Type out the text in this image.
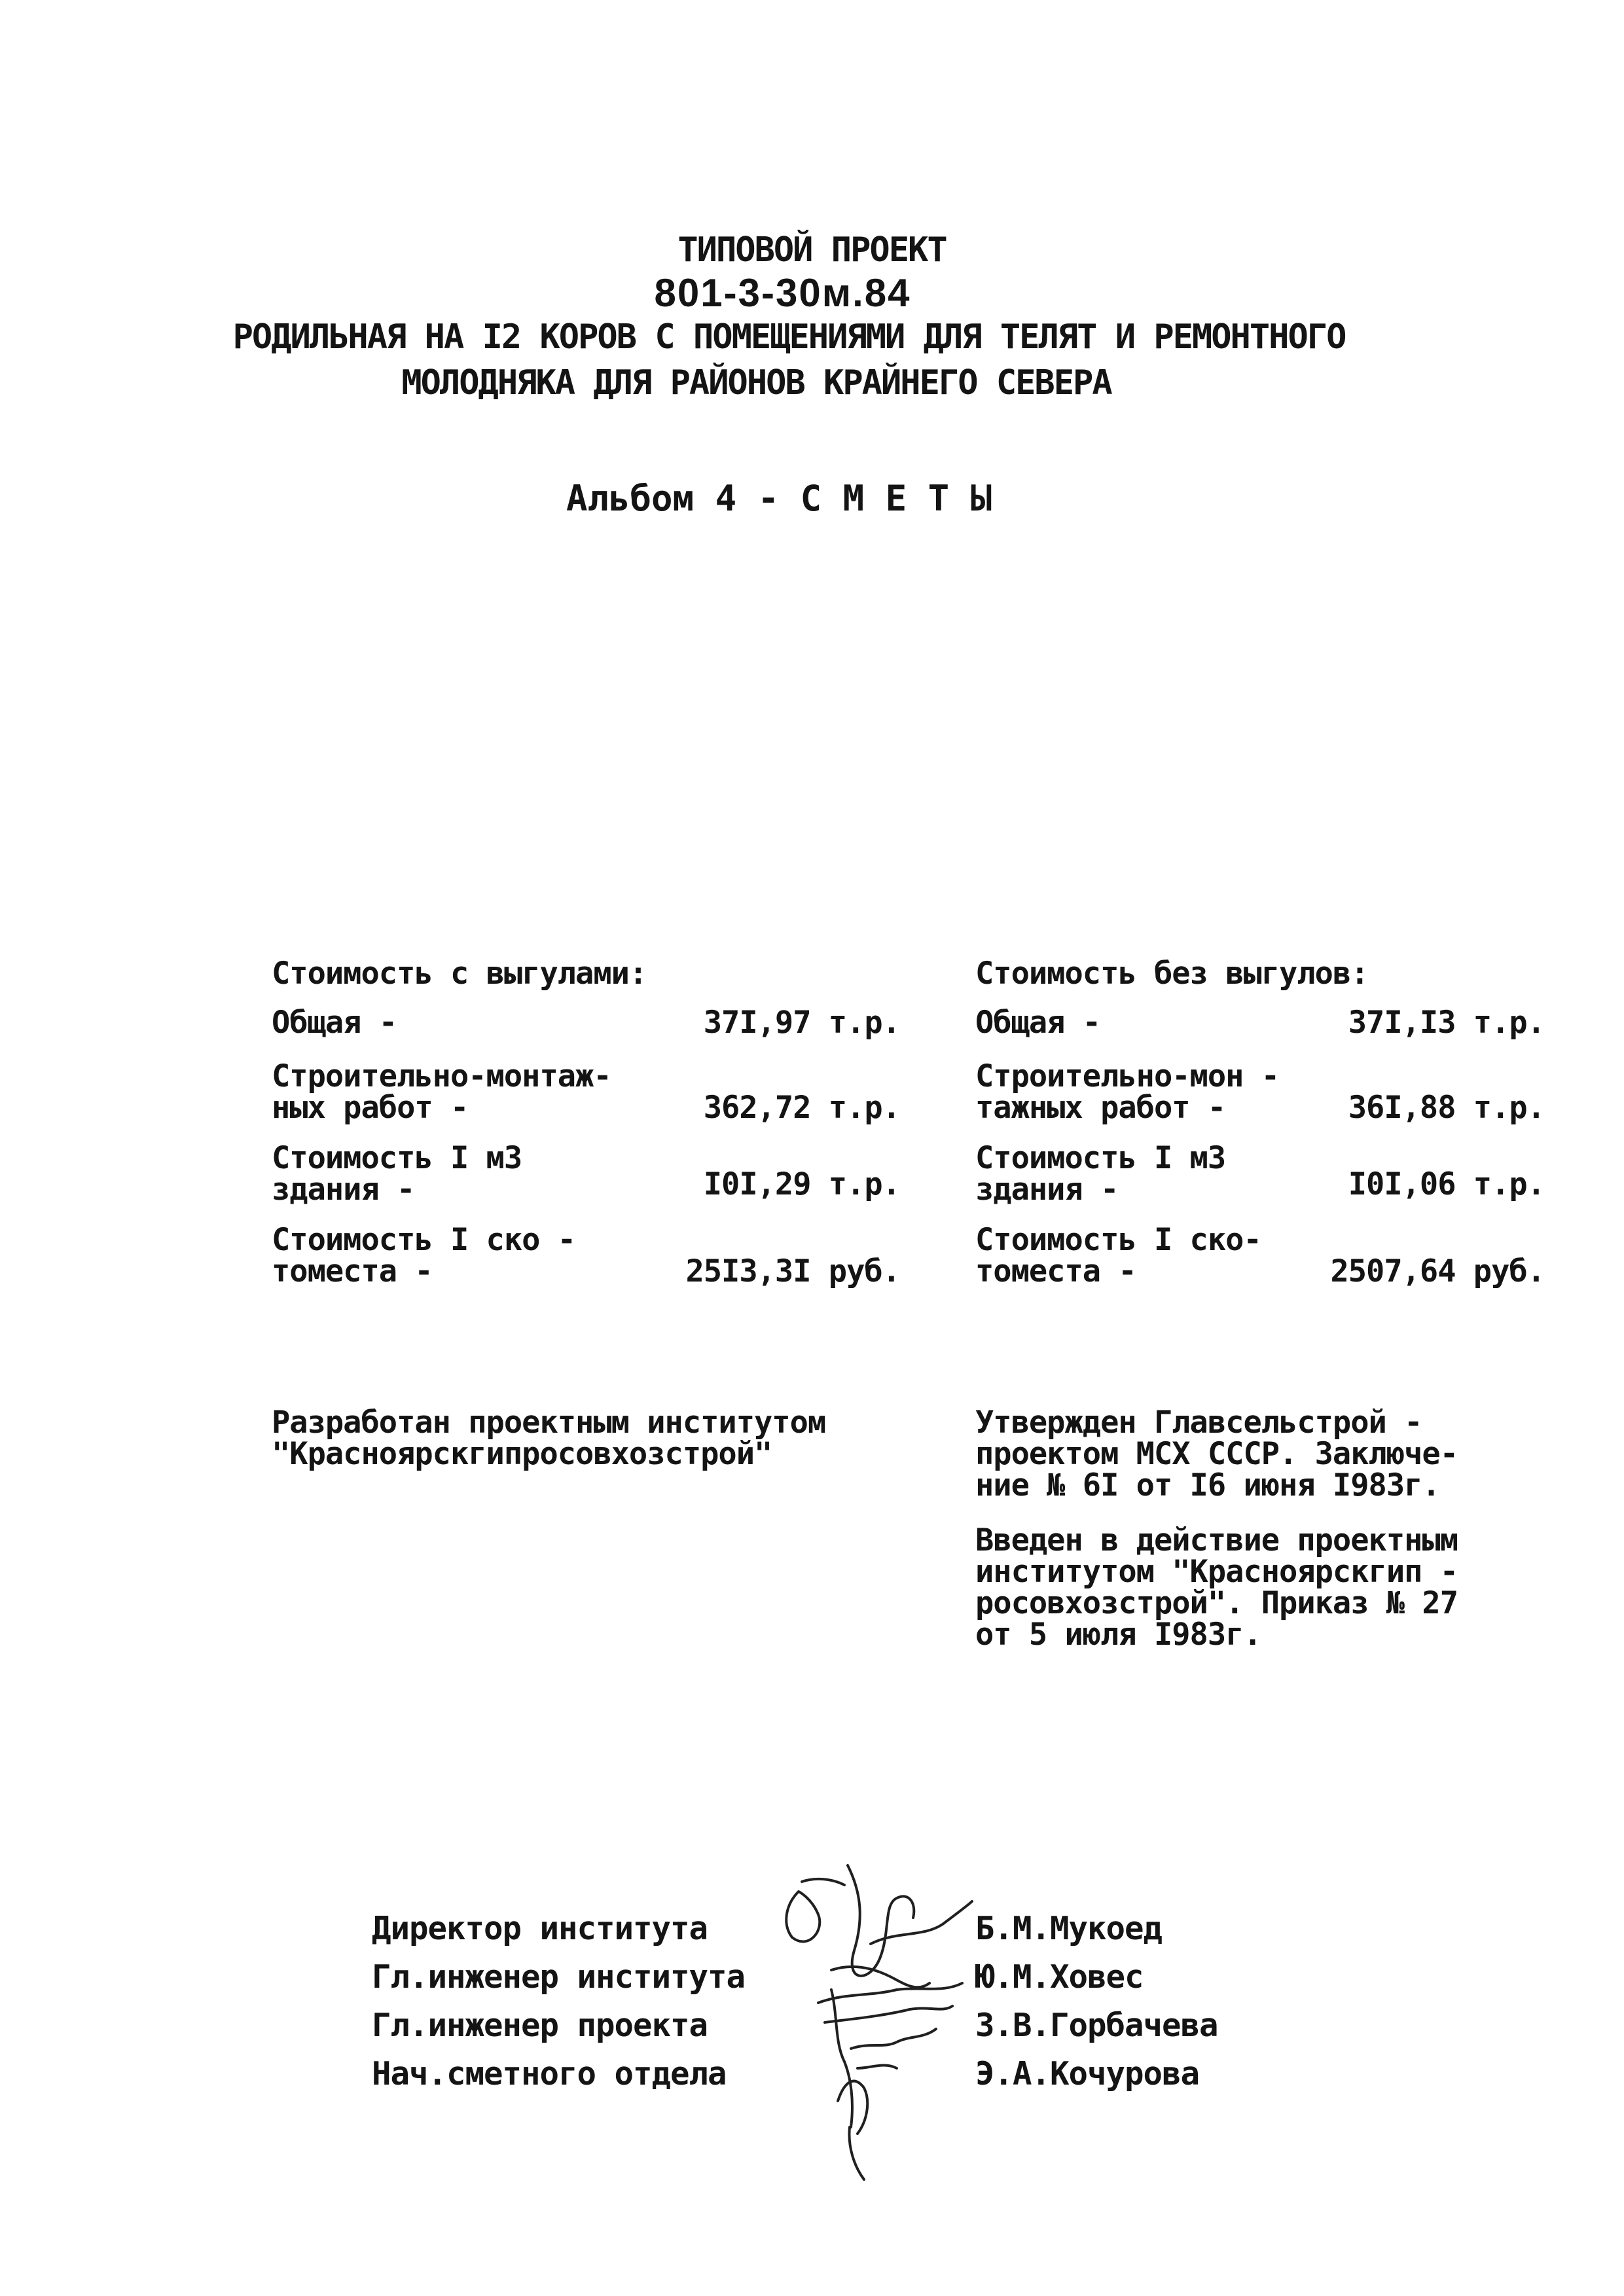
ТИПОВОЙ ПРОЕКТ
801-3-30м.84
РОДИЛЬНАЯ НА I2 КОРОВ С ПОМЕЩЕНИЯМИ ДЛЯ ТЕЛЯТ И РЕМОНТНОГО
МОЛОДНЯКА ДЛЯ РАЙОНОВ КРАЙНЕГО СЕВЕРА
Альбом 4 - С М Е Т Ы
Стоимость с выгулами:
Общая -	37I,97 т.р.
Строительно-монтаж-
ных работ -	362,72 т.р.
Стоимость I м3
здания -	I0I,29 т.р.
Стоимость I ско -
томеста -	25I3,3I руб.
Стоимость без выгулов:
Общая -	37I,I3 т.р.
Строительно-мон -
тажных работ -	36I,88 т.р.
Стоимость I м3
здания -	I0I,06 т.р.
Стоимость I ско-
томеста -	2507,64 руб.
Разработан проектным институтом
"Красноярскгипросовхозстрой"
Утвержден Главсельстрой -
проектом МСХ СССР. Заключе-
ние № 6I от I6 июня I983г.
Введен в действие проектным
институтом "Красноярскгип -
росовхозстрой". Приказ № 27
от 5 июля I983г.
Директор института	Б.М.Мукоед
Гл.инженер института	Ю.М.Ховес
Гл.инженер проекта	З.В.Горбачева
Нач.сметного отдела	Э.А.Кочурова
